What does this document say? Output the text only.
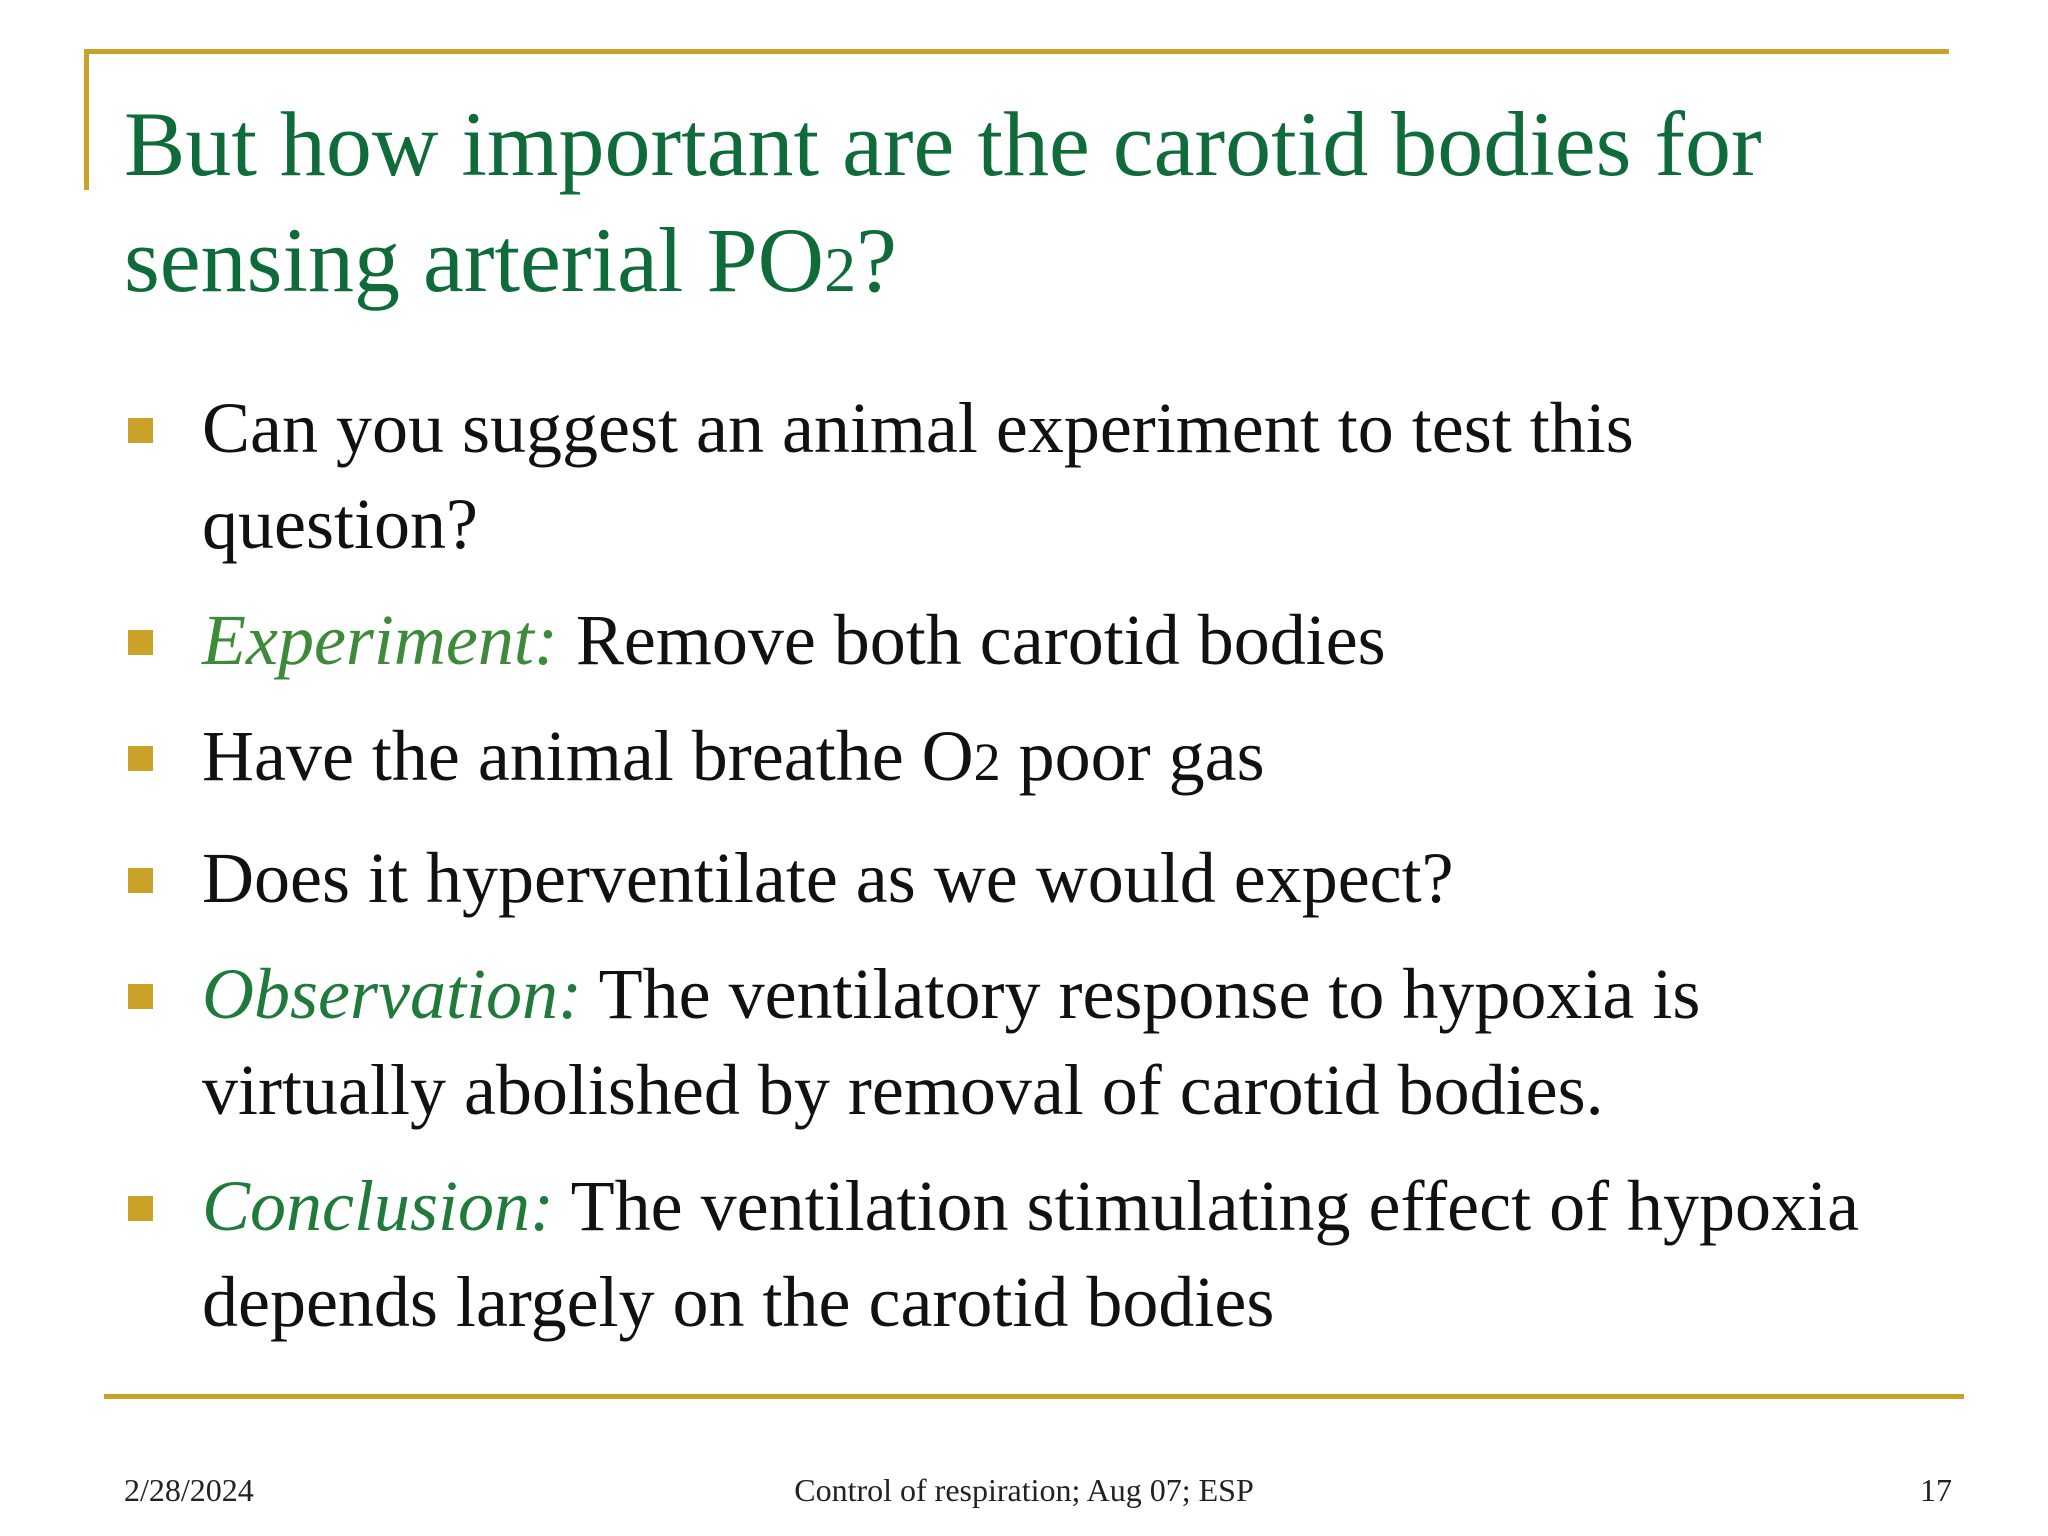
But how important are the carotid bodies for sensing arterial PO2?
Can you suggest an animal experiment to test this question?
Experiment: Remove both carotid bodies
Have the animal breathe O2 poor gas
Does it hyperventilate as we would expect?
Observation: The ventilatory response to hypoxia is virtually abolished by removal of carotid bodies.
Conclusion: The ventilation stimulating effect of hypoxia depends largely on the carotid bodies
2/28/2024	Control of respiration; Aug 07; ESP	17
